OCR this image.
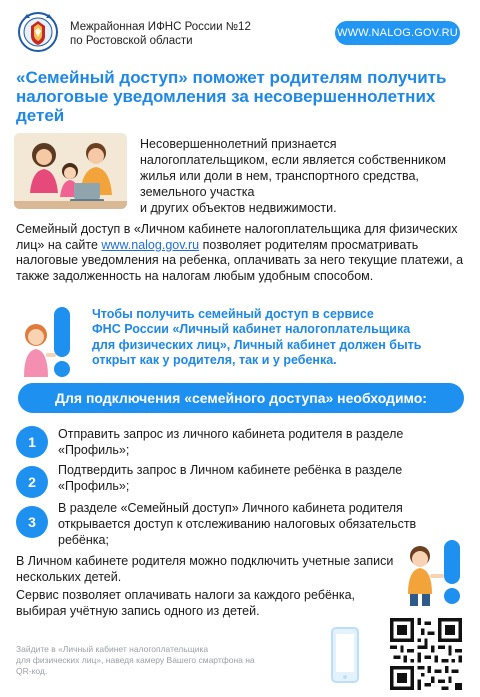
Межрайонная ИФНС России №12
по Ростовской области
WWW.NALOG.GOV.RU
«Семейный доступ» поможет родителям получить налоговые уведомления за несовершеннолетних детей
Несовершеннолетний признается
налогоплательщиком, если является собственником
жилья или доли в нем, транспортного средства,
земельного участка
и других объектов недвижимости.
Семейный доступ в «Личном кабинете налогоплательщика для физических лиц» на сайте www.nalog.gov.ru позволяет родителям просматривать налоговые уведомления на ребенка, оплачивать за него текущие платежи, а также задолженность на налогам любым удобным способом.
Чтобы получить семейный доступ в сервисе
ФНС России «Личный кабинет налогоплательщика
для физических лиц», Личный кабинет должен быть
открыт как у родителя, так и у ребенка.
Для подключения «семейного доступа» необходимо:
1	Отправить запрос из личного кабинета родителя в разделе
«Профиль»;
2
Подтвердить запрос в Личном кабинете ребёнка в разделе
«Профиль»;
3
В разделе «Семейный доступ» Личного кабинета родителя
открывается доступ к отслеживанию налоговых обязательств
ребёнка;
В Личном кабинете родителя можно подключить учетные записи
нескольких детей.
Сервис позволяет оплачивать налоги за каждого ребёнка,
выбирая учётную запись одного из детей.
Зайдите в «Личный кабинет налогоплательщика
для физических лиц», наведя камеру Вашего смартфона на
QR-код.
